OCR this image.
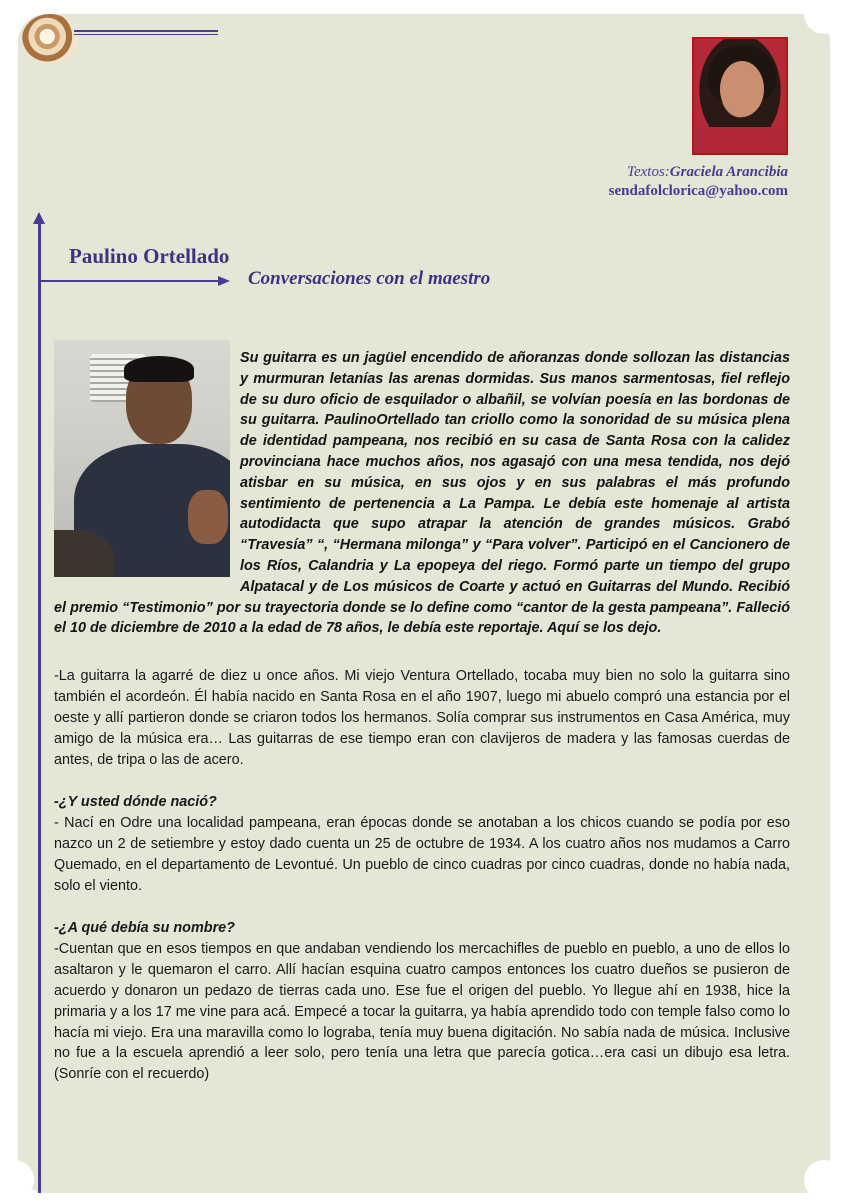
Textos:Graciela Arancibia
sendafolclorica@yahoo.com
Paulino Ortellado
Conversaciones con el maestro

Su guitarra es un jagüel encendido de añoranzas donde sollozan las distancias y murmuran letanías las arenas dormidas. Sus manos sarmentosas, fiel reflejo de su duro oficio de esquilador o albañil, se volvían poesía en las bordonas de su guitarra. PaulinoOrtellado tan criollo como la sonoridad de su música plena de identidad pampeana, nos recibió en su casa de Santa Rosa con la calidez provinciana hace muchos años, nos agasajó con una mesa tendida, nos dejó atisbar en su música, en sus ojos y en sus palabras el más profundo sentimiento de pertenencia a La Pampa. Le debía este homenaje al artista autodidacta que supo atrapar la atención de grandes músicos. Grabó “Travesía” “, “Hermana milonga” y “Para volver”. Participó en el Cancionero de los Ríos, Calandria y La epopeya del riego. Formó parte un tiempo del grupo Alpatacal y de Los músicos de Coarte y actuó en Guitarras del Mundo. Recibió el premio “Testimonio” por su trayectoria donde se lo define como “cantor de la gesta pampeana”. Falleció el 10 de diciembre de 2010 a la edad de 78 años, le debía este reportaje. Aquí se los dejo.

-La guitarra la agarré de diez u once años. Mi viejo Ventura Ortellado, tocaba muy bien no solo la guitarra sino también el acordeón. Él había nacido en Santa Rosa en el año 1907, luego mi abuelo compró una estancia por el oeste y allí partieron donde se criaron todos los hermanos. Solía comprar sus instrumentos en Casa América, muy amigo de la música era… Las guitarras de ese tiempo eran con clavijeros de madera y las famosas cuerdas de antes, de tripa o las de acero.

-¿Y usted dónde nació?
- Nací en Odre una localidad pampeana, eran épocas donde se anotaban a los chicos cuando se podía por eso nazco un 2 de setiembre y estoy dado cuenta un 25 de octubre de 1934. A los cuatro años nos mudamos a Carro Quemado, en el departamento de Levontué. Un pueblo de cinco cuadras por cinco cuadras, donde no había nada, solo el viento.
-¿A qué debía su nombre?
-Cuentan que en esos tiempos en que andaban vendiendo los mercachifles de pueblo en pueblo, a uno de ellos lo asaltaron y le quemaron el carro. Allí hacían esquina cuatro campos entonces los cuatro dueños se pusieron de acuerdo y donaron un pedazo de tierras cada uno. Ese fue el origen del pueblo. Yo llegue ahí en 1938, hice la primaria y a los 17 me vine para acá. Empecé a tocar la guitarra, ya había aprendido todo con temple falso como lo hacía mi viejo. Era una maravilla como lo lograba, tenía muy buena digitación. No sabía nada de música. Inclusive no fue a la escuela aprendió a leer solo, pero tenía una letra que parecía gotica…era casi un dibujo esa letra. (Sonríe con el recuerdo)
